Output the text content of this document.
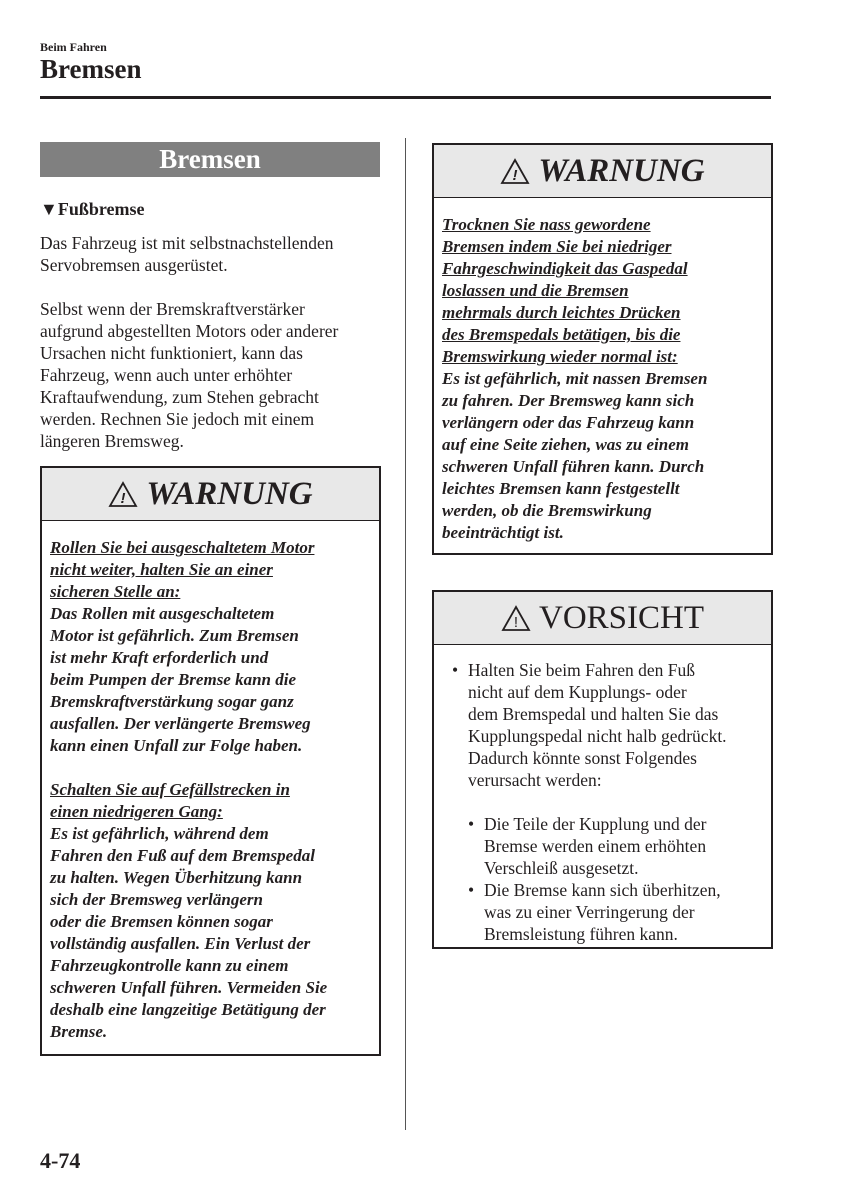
Beim Fahren
Bremsen
Bremsen
▼Fußbremse
Das Fahrzeug ist mit selbstnachstellenden
Servobremsen ausgerüstet.
Selbst wenn der Bremskraftverstärker
aufgrund abgestellten Motors oder anderer
Ursachen nicht funktioniert, kann das
Fahrzeug, wenn auch unter erhöhter
Kraftaufwendung, zum Stehen gebracht
werden. Rechnen Sie jedoch mit einem
längeren Bremsweg.
! WARNUNG
Rollen Sie bei ausgeschaltetem Motor
nicht weiter, halten Sie an einer
sicheren Stelle an:
Das Rollen mit ausgeschaltetem
Motor ist gefährlich. Zum Bremsen
ist mehr Kraft erforderlich und
beim Pumpen der Bremse kann die
Bremskraftverstärkung sogar ganz
ausfallen. Der verlängerte Bremsweg
kann einen Unfall zur Folge haben.
Schalten Sie auf Gefällstrecken in
einen niedrigeren Gang:
Es ist gefährlich, während dem
Fahren den Fuß auf dem Bremspedal
zu halten. Wegen Überhitzung kann
sich der Bremsweg verlängern
oder die Bremsen können sogar
vollständig ausfallen. Ein Verlust der
Fahrzeugkontrolle kann zu einem
schweren Unfall führen. Vermeiden Sie
deshalb eine langzeitige Betätigung der
Bremse.
! WARNUNG
Trocknen Sie nass gewordene
Bremsen indem Sie bei niedriger
Fahrgeschwindigkeit das Gaspedal
loslassen und die Bremsen
mehrmals durch leichtes Drücken
des Bremspedals betätigen, bis die
Bremswirkung wieder normal ist:
Es ist gefährlich, mit nassen Bremsen
zu fahren. Der Bremsweg kann sich
verlängern oder das Fahrzeug kann
auf eine Seite ziehen, was zu einem
schweren Unfall führen kann. Durch
leichtes Bremsen kann festgestellt
werden, ob die Bremswirkung
beeinträchtigt ist.
! VORSICHT
• Halten Sie beim Fahren den Fuß
nicht auf dem Kupplungs- oder
dem Bremspedal und halten Sie das
Kupplungspedal nicht halb gedrückt.
Dadurch könnte sonst Folgendes
verursacht werden:
• Die Teile der Kupplung und der
Bremse werden einem erhöhten
Verschleiß ausgesetzt.
• Die Bremse kann sich überhitzen,
was zu einer Verringerung der
Bremsleistung führen kann.
4-74
